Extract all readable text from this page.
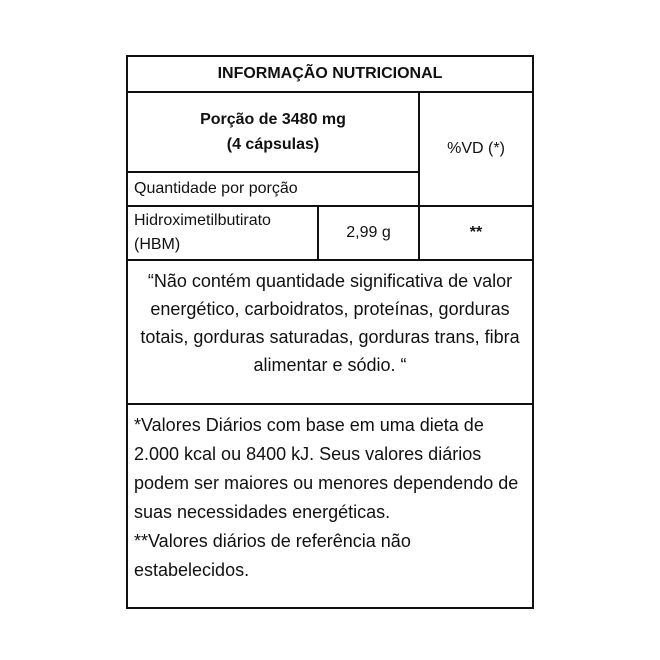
INFORMAÇÃO NUTRICIONAL
Porção de 3480 mg
(4 cápsulas)	%VD (*)
Quantidade por porção
Hidroximetilbutirato (HBM)
2,99 g	**
“Não contém quantidade significativa de valor energético, carboidratos, proteínas, gorduras totais, gorduras saturadas, gorduras trans, fibra alimentar e sódio. “
*Valores Diários com base em uma dieta de 2.000 kcal ou 8400 kJ. Seus valores diários podem ser maiores ou menores dependendo de suas necessidades energéticas.
**Valores diários de referência não estabelecidos.
